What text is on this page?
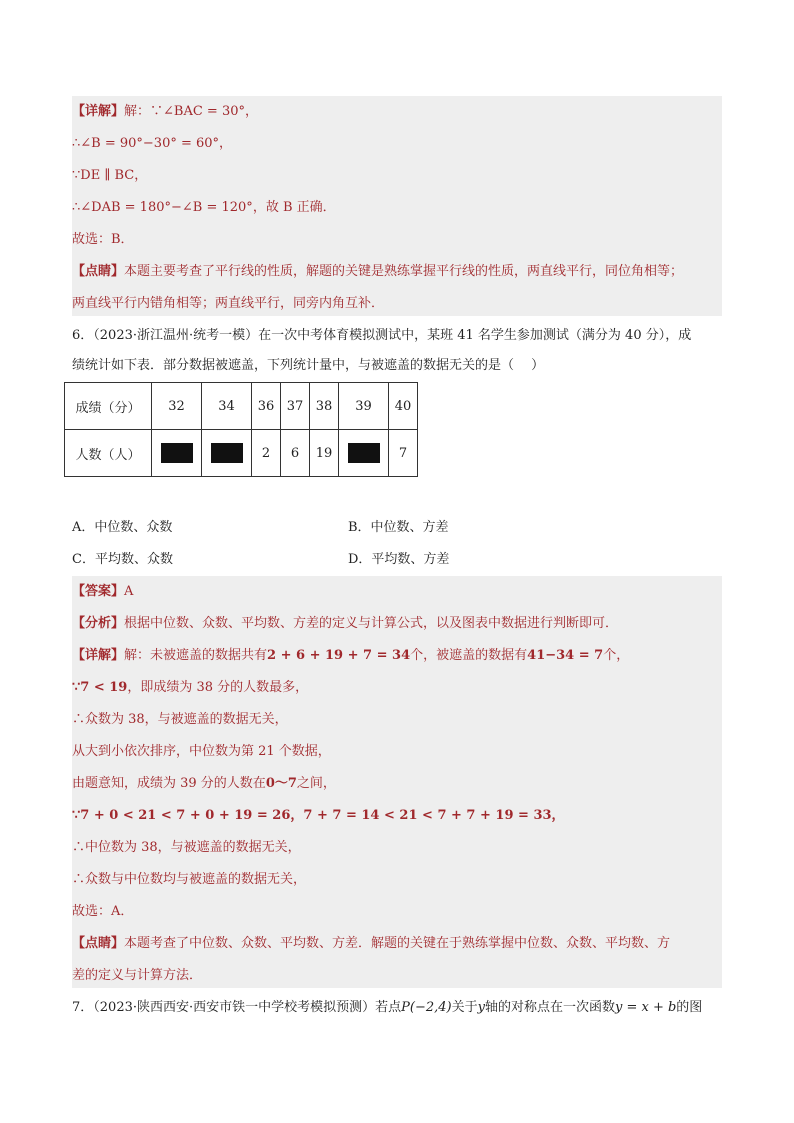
【详解】解：∵∠BAC = 30°，
∴∠B = 90°−30° = 60°，
∵DE ∥ BC，
∴∠DAB = 180°−∠B = 120°，故 B 正确．
故选：B．
【点睛】本题主要考查了平行线的性质，解题的关键是熟练掌握平行线的性质，两直线平行，同位角相等；
两直线平行内错角相等；两直线平行，同旁内角互补．
6．（2023·浙江温州·统考一模）在一次中考体育模拟测试中，某班 41 名学生参加测试（满分为 40 分），成
绩统计如下表．部分数据被遮盖，下列统计量中，与被遮盖的数据无关的是（　 ）
成绩（分）	32	34	36	37	38	39	40
人数（人）			2	6	19		7
A．中位数、众数	B．中位数、方差
C．平均数、众数	D．平均数、方差
【答案】A
【分析】根据中位数、众数、平均数、方差的定义与计算公式，以及图表中数据进行判断即可．
【详解】解：未被遮盖的数据共有2 + 6 + 19 + 7 = 34个，被遮盖的数据有41−34 = 7个，
∵7 < 19，即成绩为 38 分的人数最多，
∴众数为 38，与被遮盖的数据无关，
从大到小依次排序，中位数为第 21 个数据，
由题意知，成绩为 39 分的人数在0～7之间，
∵7 + 0 < 21 < 7 + 0 + 19 = 26，7 + 7 = 14 < 21 < 7 + 7 + 19 = 33，
∴中位数为 38，与被遮盖的数据无关，
∴众数与中位数均与被遮盖的数据无关，
故选：A．
【点睛】本题考查了中位数、众数、平均数、方差．解题的关键在于熟练掌握中位数、众数、平均数、方
差的定义与计算方法．
7．（2023·陕西西安·西安市铁一中学校考模拟预测）若点P(−2,4)关于y轴的对称点在一次函数y = x + b的图
